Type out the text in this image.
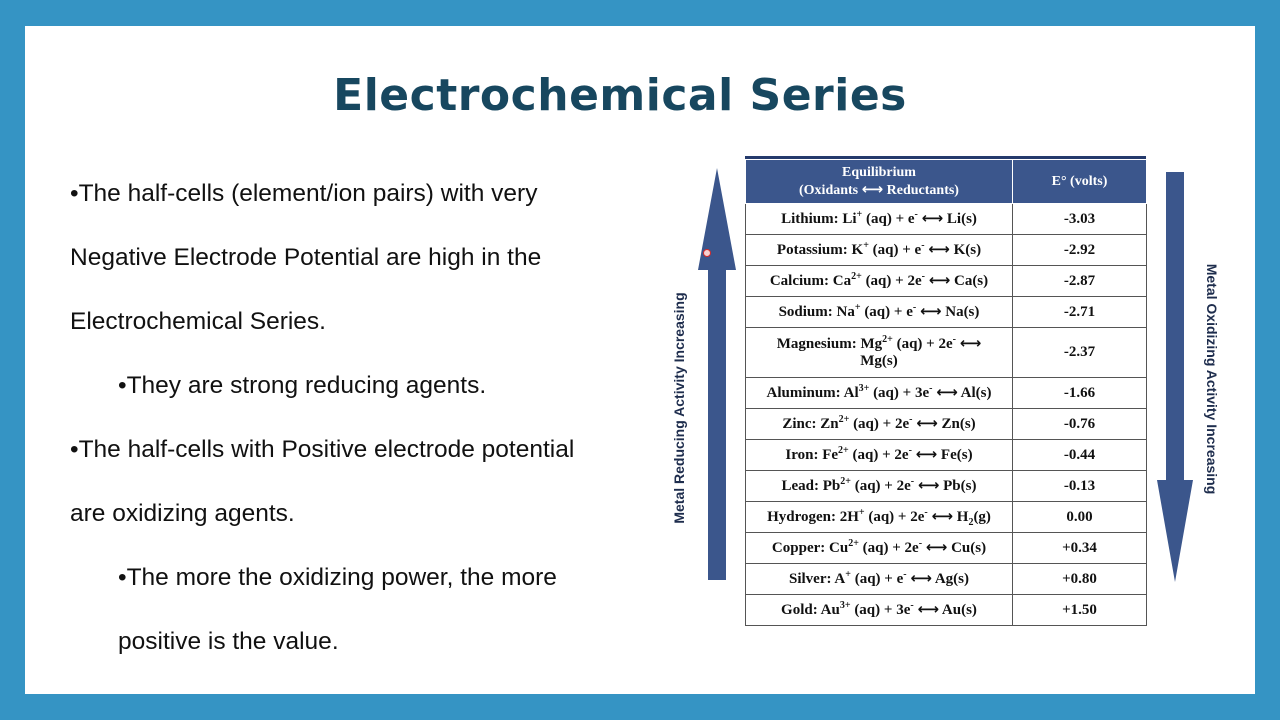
Electrochemical Series
•The half-cells (element/ion pairs) with very
Negative Electrode Potential are high in the
Electrochemical Series.
•They are strong reducing agents.
•The half-cells with Positive electrode potential
are oxidizing agents.
•The more the oxidizing power, the more
positive is the value.
Metal Reducing Activity Increasing	Metal Oxidizing Activity Increasing
Equilibrium
(Oxidants ⟷ Reductants)	E° (volts)
Lithium: Li+ (aq) + e- ⟷ Li(s)	-3.03
Potassium: K+ (aq) + e- ⟷ K(s)	-2.92
Calcium: $Ca^{2+}$ (aq) + 2e- ⟷ Ca(s)	-2.87
Sodium: Na+ (aq) + e- ⟷ Na(s)	-2.71
Magnesium: $Mg^{2+}$ (aq) + 2e- ⟷
Mg(s)	-2.37
Aluminum: $Al^{3+}$ (aq) + 3e- ⟷ Al(s)	-1.66
Zinc: $Zn^{2+}$ (aq) + 2e- ⟷ Zn(s)	-0.76
Iron: $Fe^{2+}$ (aq) + 2e- ⟷ Fe(s)	-0.44
Lead: $Pb^{2+}$ (aq) + 2e- ⟷ Pb(s)	-0.13
Hydrogen: 2H+ (aq) + 2e- ⟷ $H_2(g)$	0.00
Copper: $Cu^{2+}$ (aq) + 2e- ⟷ Cu(s)	+0.34
Silver: A+ (aq) + e- ⟷ Ag(s)	+0.80
Gold: $Au^{3+}$ (aq) + 3e- ⟷ Au(s)	+1.50
